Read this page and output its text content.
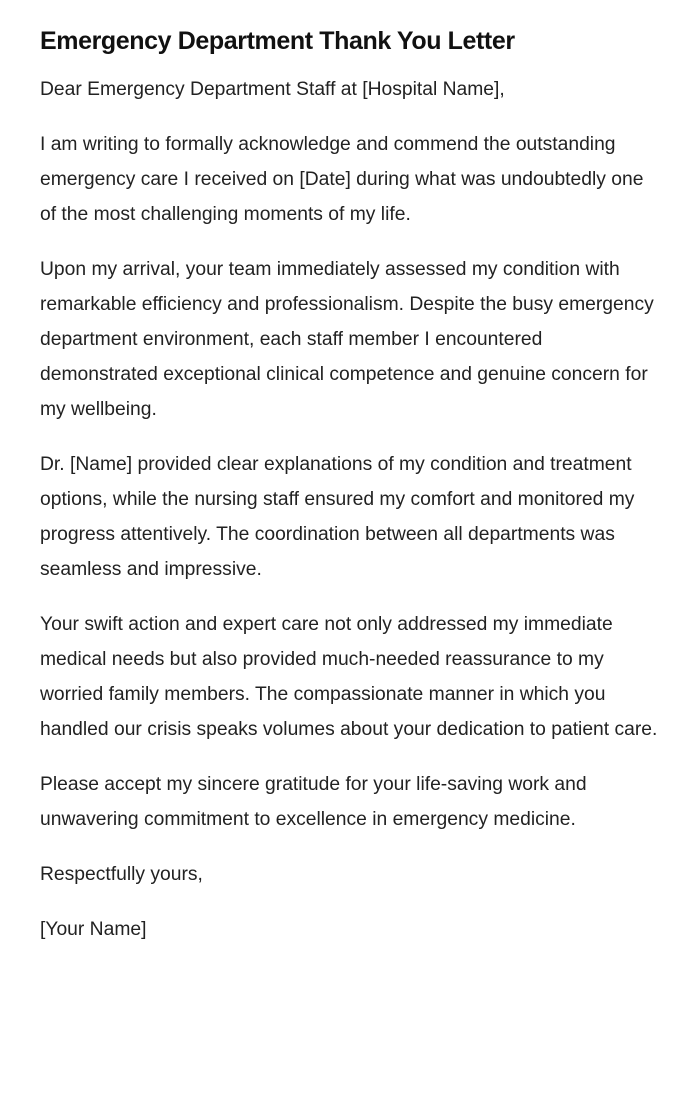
Emergency Department Thank You Letter

Dear Emergency Department Staff at [Hospital Name],

I am writing to formally acknowledge and commend the outstanding emergency care I received on [Date] during what was undoubtedly one of the most challenging moments of my life.

Upon my arrival, your team immediately assessed my condition with remarkable efficiency and professionalism. Despite the busy emergency department environment, each staff member I encountered demonstrated exceptional clinical competence and genuine concern for my wellbeing.

Dr. [Name] provided clear explanations of my condition and treatment options, while the nursing staff ensured my comfort and monitored my progress attentively. The coordination between all departments was seamless and impressive.

Your swift action and expert care not only addressed my immediate medical needs but also provided much-needed reassurance to my worried family members. The compassionate manner in which you handled our crisis speaks volumes about your dedication to patient care.

Please accept my sincere gratitude for your life-saving work and unwavering commitment to excellence in emergency medicine.

Respectfully yours,

[Your Name]
